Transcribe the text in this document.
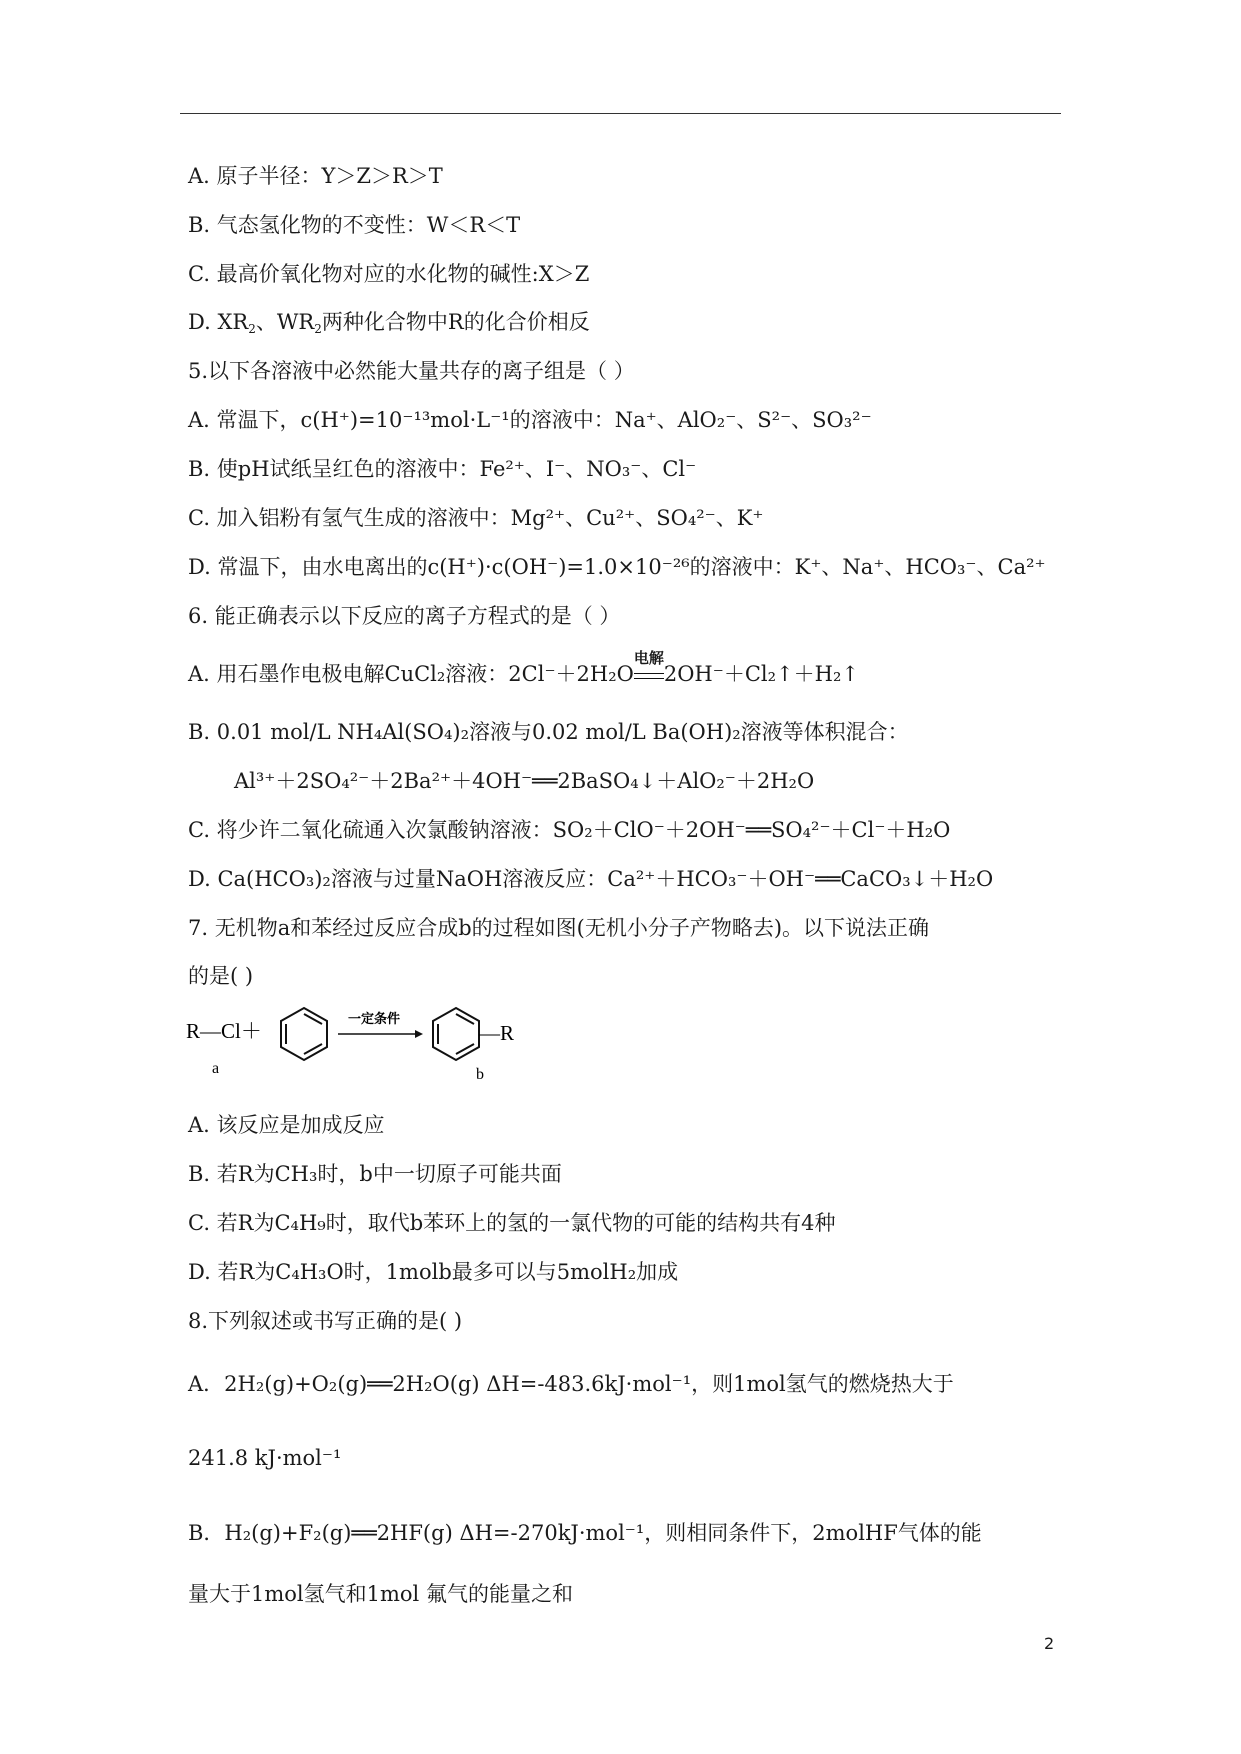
A. 原子半径：Y＞Z＞R＞T
B. 气态氢化物的不变性：W＜R＜T
C. 最高价氧化物对应的水化物的碱性:X＞Z
D. $XR_2$、$WR_2$两种化合物中R的化合价相反
5.以下各溶液中必然能大量共存的离子组是（ ）
A. 常温下，c(H⁺)=10⁻¹³mol·L⁻¹的溶液中：Na⁺、AlO₂⁻、S²⁻、SO₃²⁻
B. 使pH试纸呈红色的溶液中：Fe²⁺、I⁻、NO₃⁻、Cl⁻
C. 加入铝粉有氢气生成的溶液中：Mg²⁺、Cu²⁺、SO₄²⁻、K⁺
D. 常温下，由水电离出的c(H⁺)·c(OH⁻)=1.0×10⁻²⁶的溶液中：K⁺、Na⁺、HCO₃⁻、Ca²⁺
6. 能正确表示以下反应的离子方程式的是（ ）
A. 用石墨作电极电解CuCl₂溶液：2Cl⁻＋2H₂O
电解
2OH⁻＋Cl₂↑＋H₂↑
B. 0.01 mol/L NH₄Al(SO₄)₂溶液与0.02 mol/L Ba(OH)₂溶液等体积混合：
Al³⁺＋2SO₄²⁻＋2Ba²⁺＋4OH⁻══2BaSO₄↓＋AlO₂⁻＋2H₂O
C. 将少许二氧化硫通入次氯酸钠溶液：SO₂＋ClO⁻＋2OH⁻══SO₄²⁻＋Cl⁻＋H₂O
D. Ca(HCO₃)₂溶液与过量NaOH溶液反应：Ca²⁺＋HCO₃⁻＋OH⁻══CaCO₃↓＋H₂O
7. 无机物a和苯经过反应合成b的过程如图(无机小分子产物略去)。以下说法正确
的是( )
R—Cl＋
a
一定条件
—R
b
A. 该反应是加成反应
B. 若R为CH₃时，b中一切原子可能共面
C. 若R为C₄H₉时，取代b苯环上的氢的一氯代物的可能的结构共有4种
D. 若R为C₄H₃O时，1molb最多可以与5molH₂加成
8.下列叙述或书写正确的是( )
A．2H₂(g)+O₂(g)══2H₂O(g) ΔH=-483.6kJ·mol⁻¹，则1mol氢气的燃烧热大于
241.8 kJ·mol⁻¹
B．H₂(g)+F₂(g)══2HF(g) ΔH=-270kJ·mol⁻¹，则相同条件下，2molHF气体的能
量大于1mol氢气和1mol 氟气的能量之和
2
